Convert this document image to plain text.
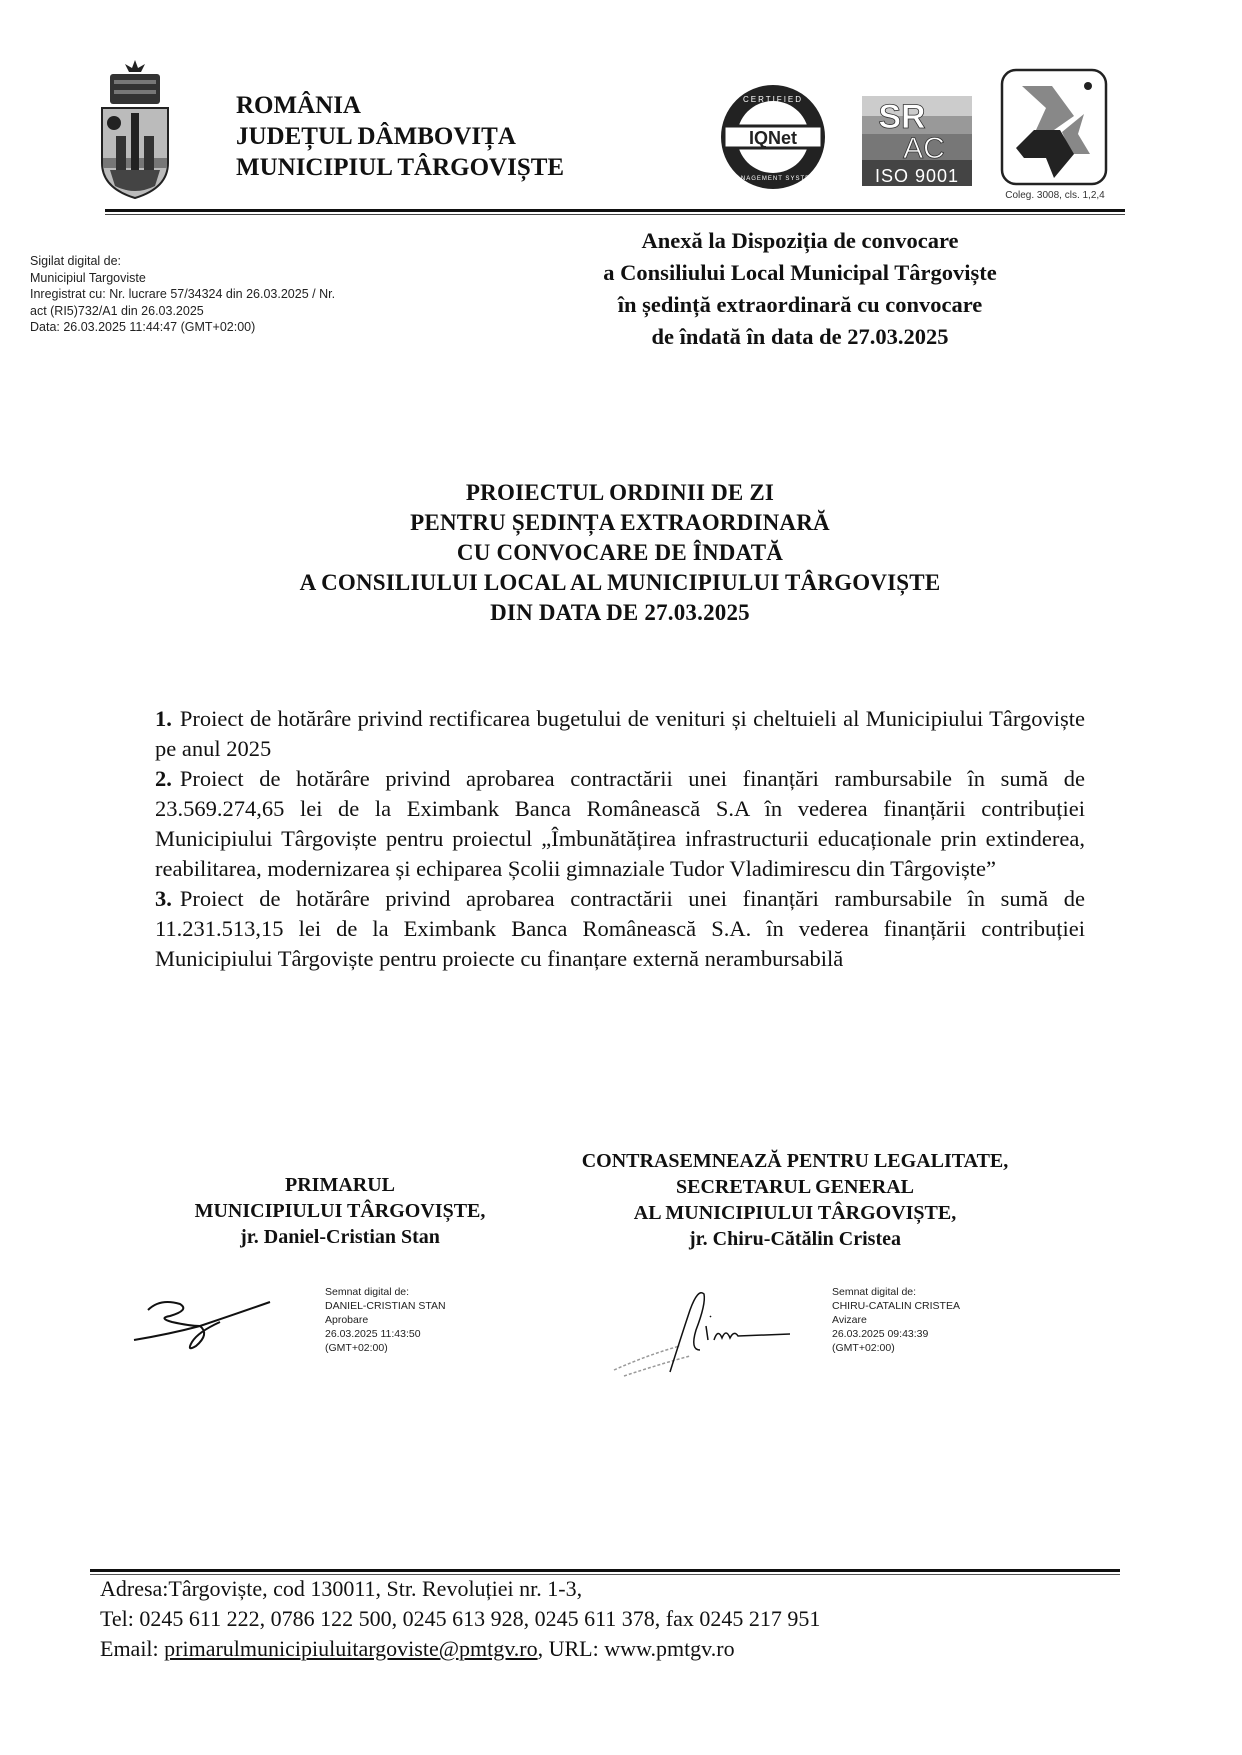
ROMÂNIA
JUDEȚUL DÂMBOVIȚA
MUNICIPIUL TÂRGOVIȘTE
IQNet
CERTIFIED
MANAGEMENT SYSTEM
SR
AC
ISO 9001
Coleg. 3008, cls. 1,2,4
Sigilat digital de:
Municipiul Targoviste
Inregistrat cu: Nr. lucrare 57/34324 din 26.03.2025 / Nr.
act (RI5)732/A1 din 26.03.2025
Data: 26.03.2025 11:44:47 (GMT+02:00)
Anexă la Dispoziția de convocare
a Consiliului Local Municipal Târgoviște
în ședință extraordinară cu convocare
de îndată în data de 27.03.2025
PROIECTUL ORDINII DE ZI
PENTRU ȘEDINȚA EXTRAORDINARĂ
CU CONVOCARE DE ÎNDATĂ
A CONSILIULUI LOCAL AL MUNICIPIULUI TÂRGOVIȘTE
DIN DATA DE 27.03.2025
1. Proiect de hotărâre privind rectificarea bugetului de venituri și cheltuieli al Municipiului Târgoviște pe anul 2025
2. Proiect de hotărâre privind aprobarea contractării unei finanțări rambursabile în sumă de 23.569.274,65 lei de la Eximbank Banca Românească S.A în vederea finanțării contribuției Municipiului Târgoviște pentru proiectul „Îmbunătățirea infrastructurii educaționale prin extinderea, reabilitarea, modernizarea și echiparea Școlii gimnaziale Tudor Vladimirescu din Târgoviște”
3. Proiect de hotărâre privind aprobarea contractării unei finanțări rambursabile în sumă de 11.231.513,15 lei de la Eximbank Banca Românească S.A. în vederea finanțării contribuției Municipiului Târgoviște pentru proiecte cu finanțare externă nerambursabilă
PRIMARUL
MUNICIPIULUI TÂRGOVIȘTE,
jr. Daniel-Cristian Stan
CONTRASEMNEAZĂ PENTRU LEGALITATE,
SECRETARUL GENERAL
AL MUNICIPIULUI TÂRGOVIȘTE,
jr. Chiru-Cătălin Cristea
Semnat digital de:
DANIEL-CRISTIAN STAN
Aprobare
26.03.2025 11:43:50
(GMT+02:00)
Semnat digital de:
CHIRU-CATALIN CRISTEA
Avizare
26.03.2025 09:43:39
(GMT+02:00)
Adresa:Târgoviște, cod 130011, Str. Revoluției nr. 1-3,
Tel: 0245 611 222, 0786 122 500, 0245 613 928, 0245 611 378, fax 0245 217 951
Email: primarulmunicipiuluitargoviste@pmtgv.ro, URL: www.pmtgv.ro
